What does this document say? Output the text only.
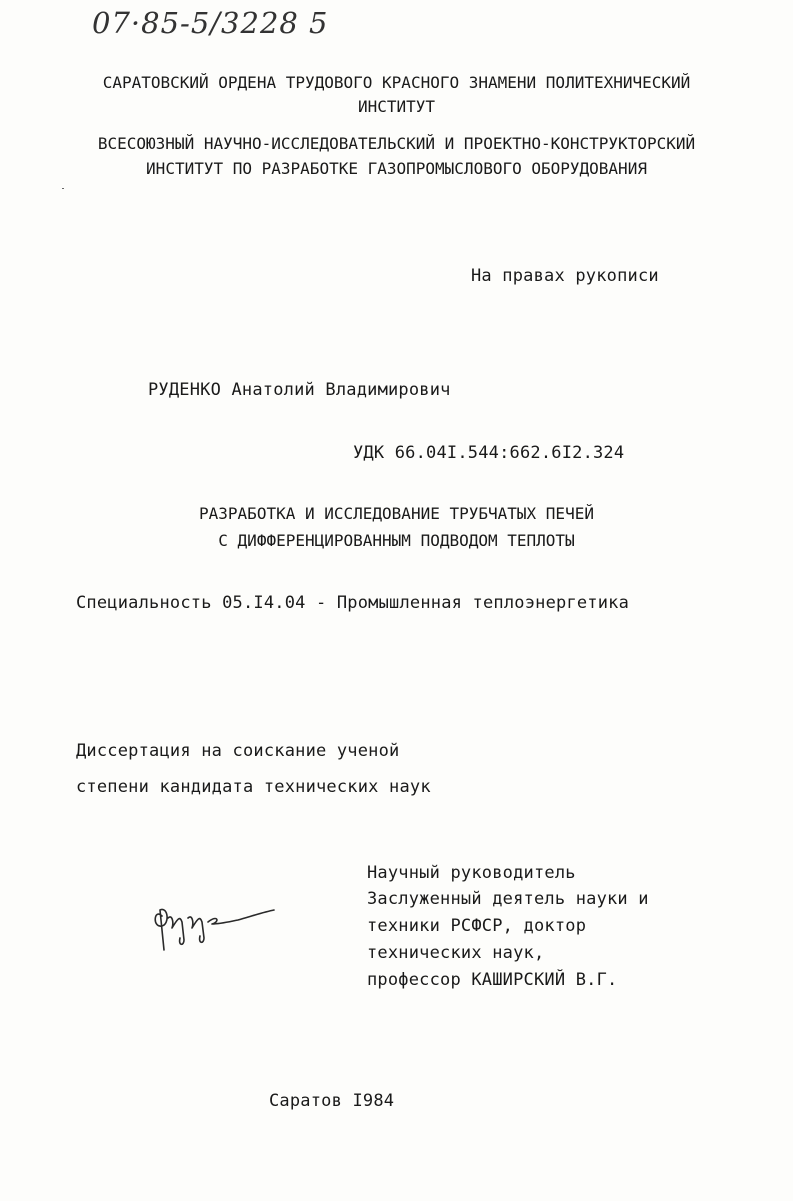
07·85-5/3228 5
САРАТОВСКИЙ ОРДЕНА ТРУДОВОГО КРАСНОГО ЗНАМЕНИ ПОЛИТЕХНИЧЕСКИЙ
ИНСТИТУТ
ВСЕСОЮЗНЫЙ НАУЧНО-ИССЛЕДОВАТЕЛЬСКИЙ И ПРОЕКТНО-КОНСТРУКТОРСКИЙ
ИНСТИТУТ ПО РАЗРАБОТКЕ ГАЗОПРОМЫСЛОВОГО ОБОРУДОВАНИЯ
На правах рукописи
РУДЕНКО Анатолий Владимирович
УДК 66.04I.544:662.6I2.324
РАЗРАБОТКА И ИССЛЕДОВАНИЕ ТРУБЧАТЫХ ПЕЧЕЙ
С ДИФФЕРЕНЦИРОВАННЫМ ПОДВОДОМ ТЕПЛОТЫ
Специальность 05.I4.04 - Промышленная теплоэнергетика
Диссертация на соискание ученой
степени кандидата технических наук
Научный руководитель
Заслуженный деятель науки и
техники РСФСР, доктор
технических наук,
профессор КАШИРСКИЙ В.Г.
Саратов I984
